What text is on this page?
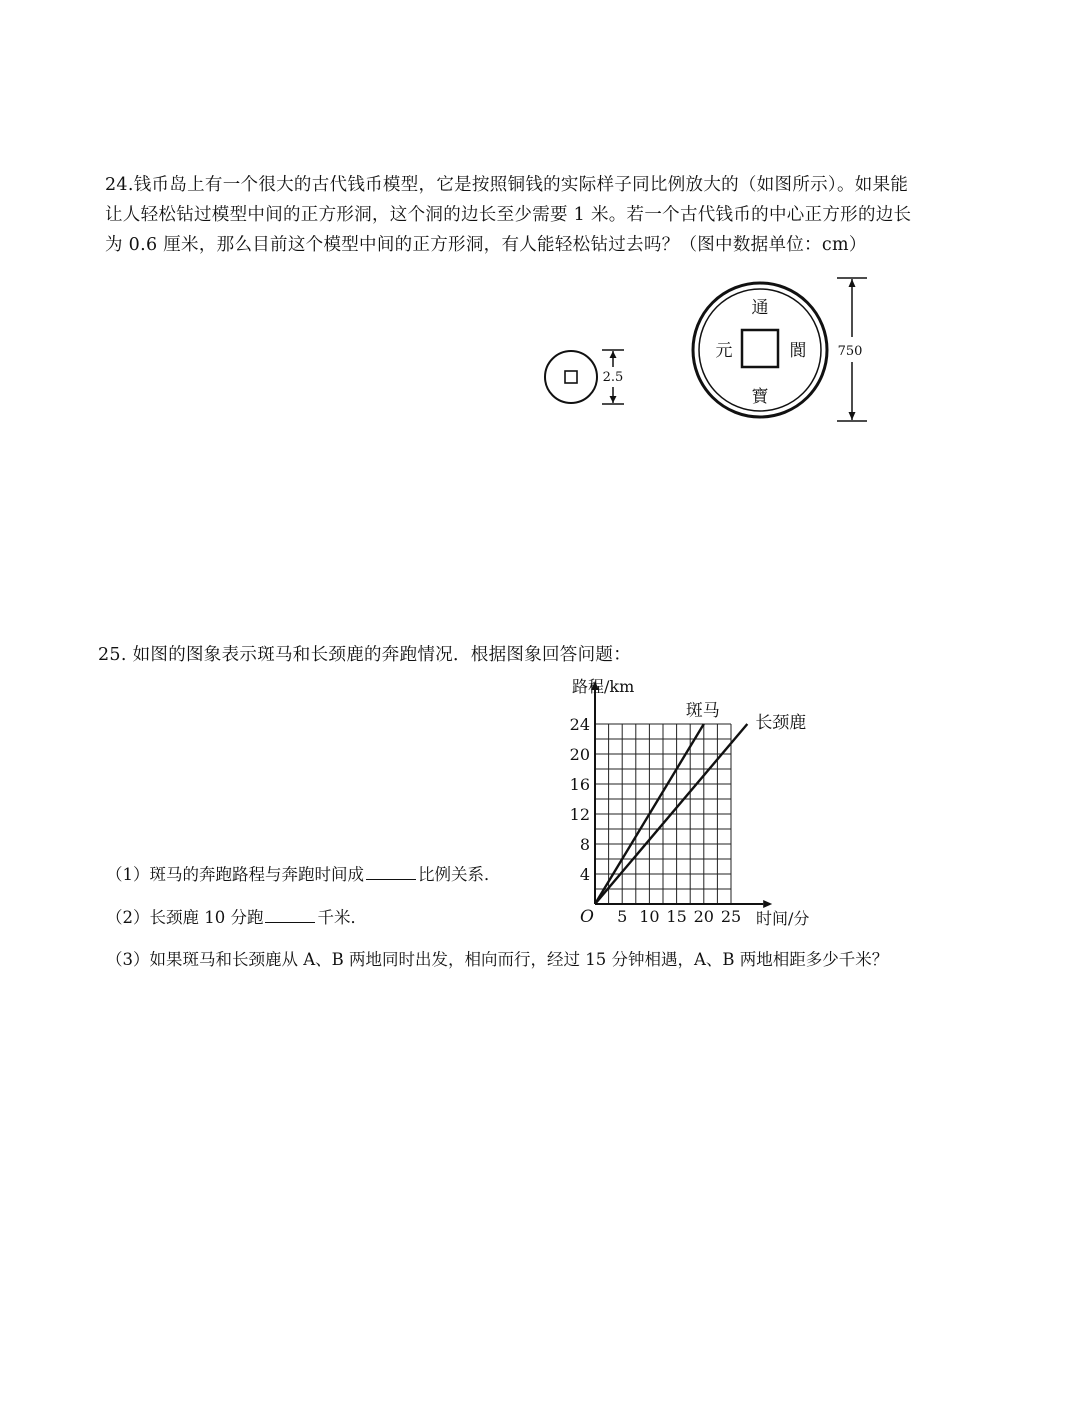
24.钱币岛上有一个很大的古代钱币模型，它是按照铜钱的实际样子同比例放大的（如图所示）。如果能
让人轻松钻过模型中间的正方形洞，这个洞的边长至少需要 1 米。若一个古代钱币的中心正方形的边长
为 0.6 厘米，那么目前这个模型中间的正方形洞，有人能轻松钻过去吗？（图中数据单位：cm）
2.5
通
元	閬
寶
750
25. 如图的图象表示斑马和长颈鹿的奔跑情况．根据图象回答问题：
（1）斑马的奔跑路程与奔跑时间成	比例关系．
（2）长颈鹿 10 分跑	千米．
（3）如果斑马和长颈鹿从 A、B 两地同时出发，相向而行，经过 15 分钟相遇，A、B 两地相距多少千米？
5 10 15 20 25
4
8
12
16
20
24
斑马
长颈鹿
路程/km
时间/分
O
